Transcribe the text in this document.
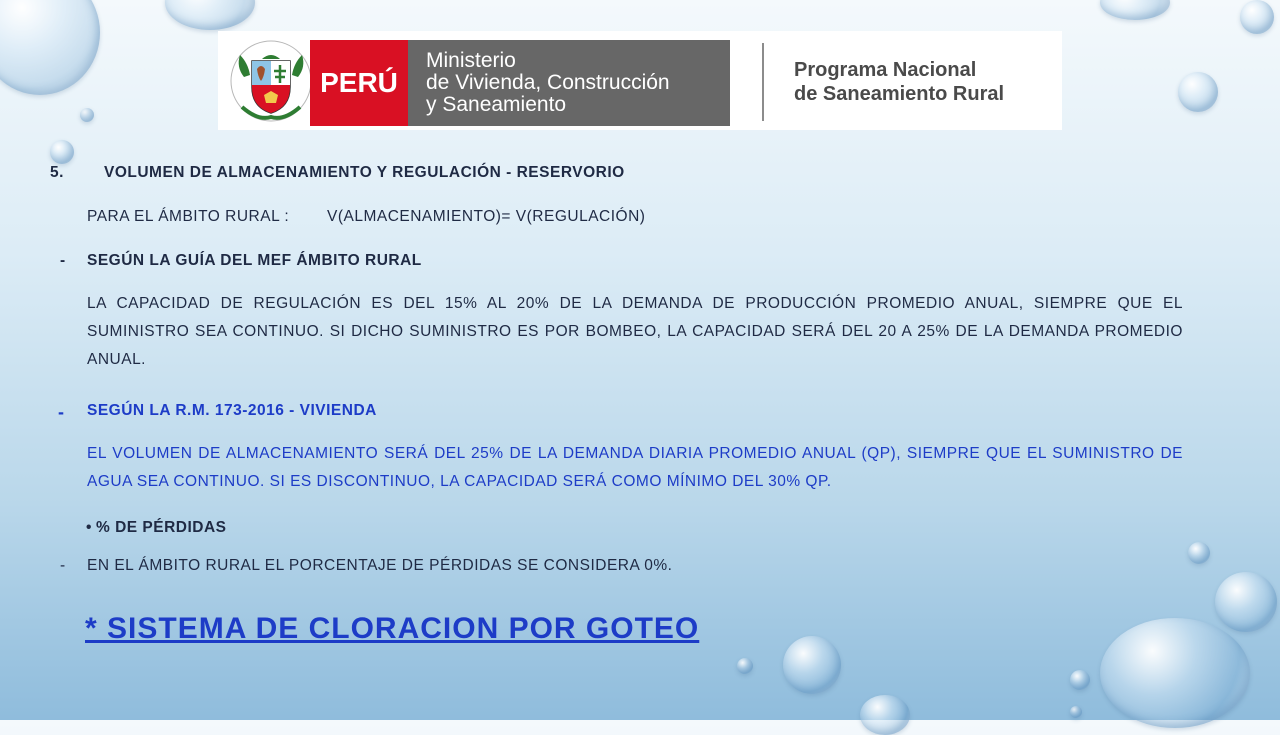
PERÚ
Ministerio
de Vivienda, Construcción
y Saneamiento
Programa Nacional
de Saneamiento Rural
5.	VOLUMEN DE ALMACENAMIENTO Y REGULACIÓN - RESERVORIO
PARA EL ÁMBITO RURAL : V(ALMACENAMIENTO)= V(REGULACIÓN)
- SEGÚN LA GUÍA DEL MEF ÁMBITO RURAL
LA CAPACIDAD DE REGULACIÓN ES DEL 15% AL 20% DE LA DEMANDA DE PRODUCCIÓN PROMEDIO ANUAL, SIEMPRE QUE EL SUMINISTRO SEA CONTINUO. SI DICHO SUMINISTRO ES POR BOMBEO, LA CAPACIDAD SERÁ DEL 20 A 25% DE LA DEMANDA PROMEDIO ANUAL.
- SEGÚN LA R.M. 173-2016 - VIVIENDA
EL VOLUMEN DE ALMACENAMIENTO SERÁ DEL 25% DE LA DEMANDA DIARIA PROMEDIO ANUAL (QP), SIEMPRE QUE EL SUMINISTRO DE AGUA SEA CONTINUO. SI ES DISCONTINUO, LA CAPACIDAD SERÁ COMO MÍNIMO DEL 30% QP.
• % DE PÉRDIDAS
- EN EL ÁMBITO RURAL EL PORCENTAJE DE PÉRDIDAS SE CONSIDERA 0%.
* SISTEMA DE CLORACION POR GOTEO
